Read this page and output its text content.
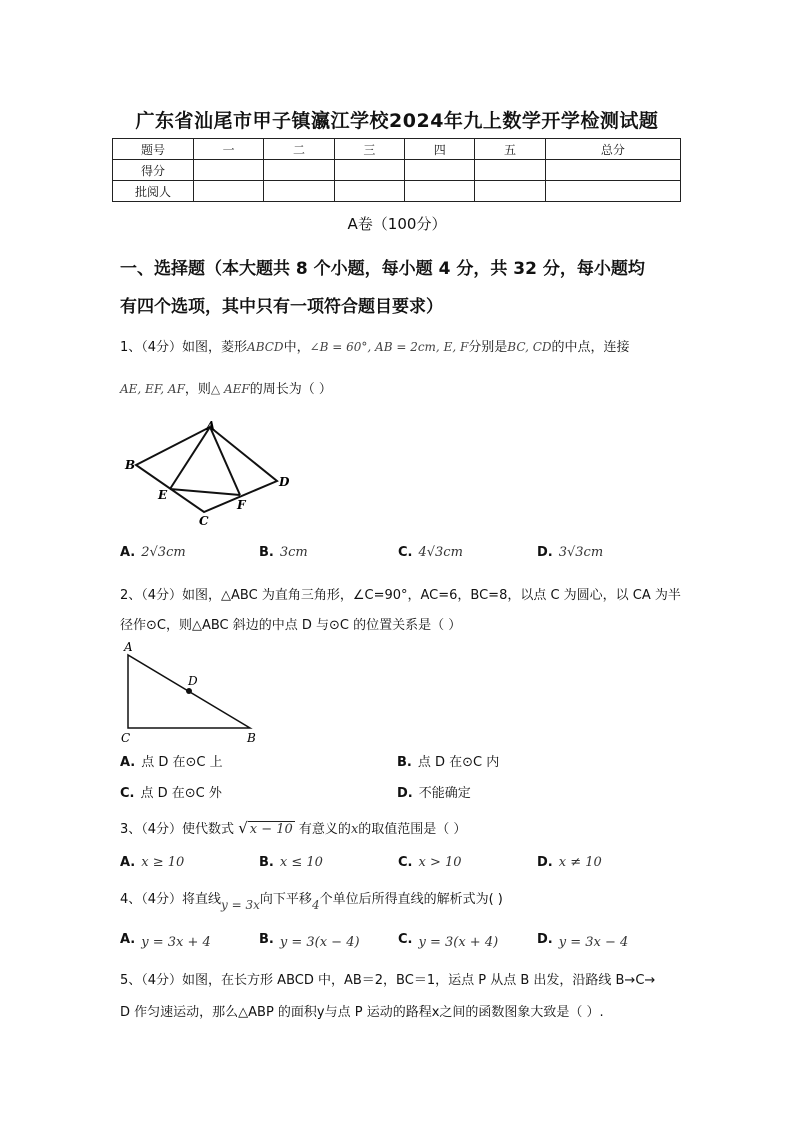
广东省汕尾市甲子镇瀛江学校2024年九上数学开学检测试题
题号	一	二	三	四	五	总分
得分						
批阅人						
A卷（100分）
一、选择题（本大题共 8 个小题，每小题 4 分，共 32 分，每小题均
有四个选项，其中只有一项符合题目要求）
1、（4分）如图，菱形ABCD中，∠B = 60°, AB = 2cm, E, F分别是BC, CD的中点，连接
AE, EF, AF，则△ AEF的周长为（ ）
A
B
C
D
E
F
A. 2√3cm	B. 3cm	C. 4√3cm	D. 3√3cm
2、（4分）如图，△ABC 为直角三角形，∠C=90°，AC=6，BC=8，以点 C 为圆心，以 CA 为半
径作⊙C，则△ABC 斜边的中点 D 与⊙C 的位置关系是（ ）
A
C	B
D
A. 点 D 在⊙C 上	B. 点 D 在⊙C 内
C. 点 D 在⊙C 外	D. 不能确定
3、（4分）使代数式 √ x − 10 有意义的x的取值范围是（ ）
A. x ≥ 10	B. x ≤ 10	C. x > 10	D. x ≠ 10
4、（4分）将直线y = 3x向下平移4个单位后所得直线的解析式为( )
A. y = 3x + 4	B. y = 3(x − 4)	C. y = 3(x + 4)	D. y = 3x − 4
5、（4分）如图，在长方形 ABCD 中，AB＝2，BC＝1，运点 P 从点 B 出发，沿路线 B→C→
D 作匀速运动，那么△ABP 的面积y与点 P 运动的路程x之间的函数图象大致是（ ）.
